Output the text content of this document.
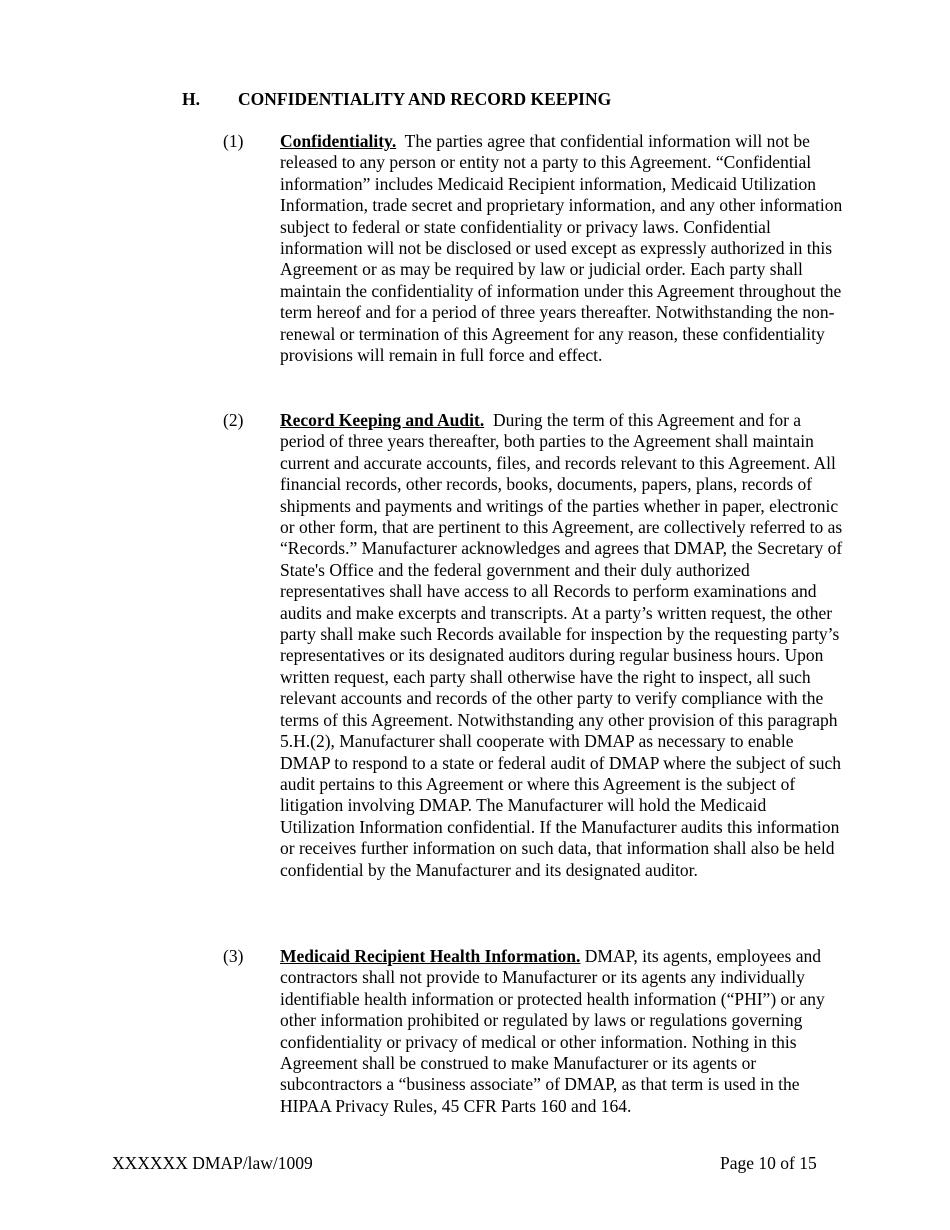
H. CONFIDENTIALITY AND RECORD KEEPING
(1) Confidentiality. The parties agree that confidential information will not be released to any person or entity not a party to this Agreement. “Confidential information” includes Medicaid Recipient information, Medicaid Utilization Information, trade secret and proprietary information, and any other information subject to federal or state confidentiality or privacy laws. Confidential information will not be disclosed or used except as expressly authorized in this Agreement or as may be required by law or judicial order. Each party shall maintain the confidentiality of information under this Agreement throughout the term hereof and for a period of three years thereafter. Notwithstanding the non-renewal or termination of this Agreement for any reason, these confidentiality provisions will remain in full force and effect.
(2) Record Keeping and Audit. During the term of this Agreement and for a period of three years thereafter, both parties to the Agreement shall maintain current and accurate accounts, files, and records relevant to this Agreement. All financial records, other records, books, documents, papers, plans, records of shipments and payments and writings of the parties whether in paper, electronic or other form, that are pertinent to this Agreement, are collectively referred to as “Records.” Manufacturer acknowledges and agrees that DMAP, the Secretary of State's Office and the federal government and their duly authorized representatives shall have access to all Records to perform examinations and audits and make excerpts and transcripts. At a party’s written request, the other party shall make such Records available for inspection by the requesting party’s representatives or its designated auditors during regular business hours. Upon written request, each party shall otherwise have the right to inspect, all such relevant accounts and records of the other party to verify compliance with the terms of this Agreement. Notwithstanding any other provision of this paragraph 5.H.(2), Manufacturer shall cooperate with DMAP as necessary to enable DMAP to respond to a state or federal audit of DMAP where the subject of such audit pertains to this Agreement or where this Agreement is the subject of litigation involving DMAP. The Manufacturer will hold the Medicaid Utilization Information confidential. If the Manufacturer audits this information or receives further information on such data, that information shall also be held confidential by the Manufacturer and its designated auditor.
(3) Medicaid Recipient Health Information. DMAP, its agents, employees and contractors shall not provide to Manufacturer or its agents any individually identifiable health information or protected health information (“PHI”) or any other information prohibited or regulated by laws or regulations governing confidentiality or privacy of medical or other information. Nothing in this Agreement shall be construed to make Manufacturer or its agents or subcontractors a “business associate” of DMAP, as that term is used in the HIPAA Privacy Rules, 45 CFR Parts 160 and 164.
XXXXXX DMAP/law/1009	Page 10 of 15
